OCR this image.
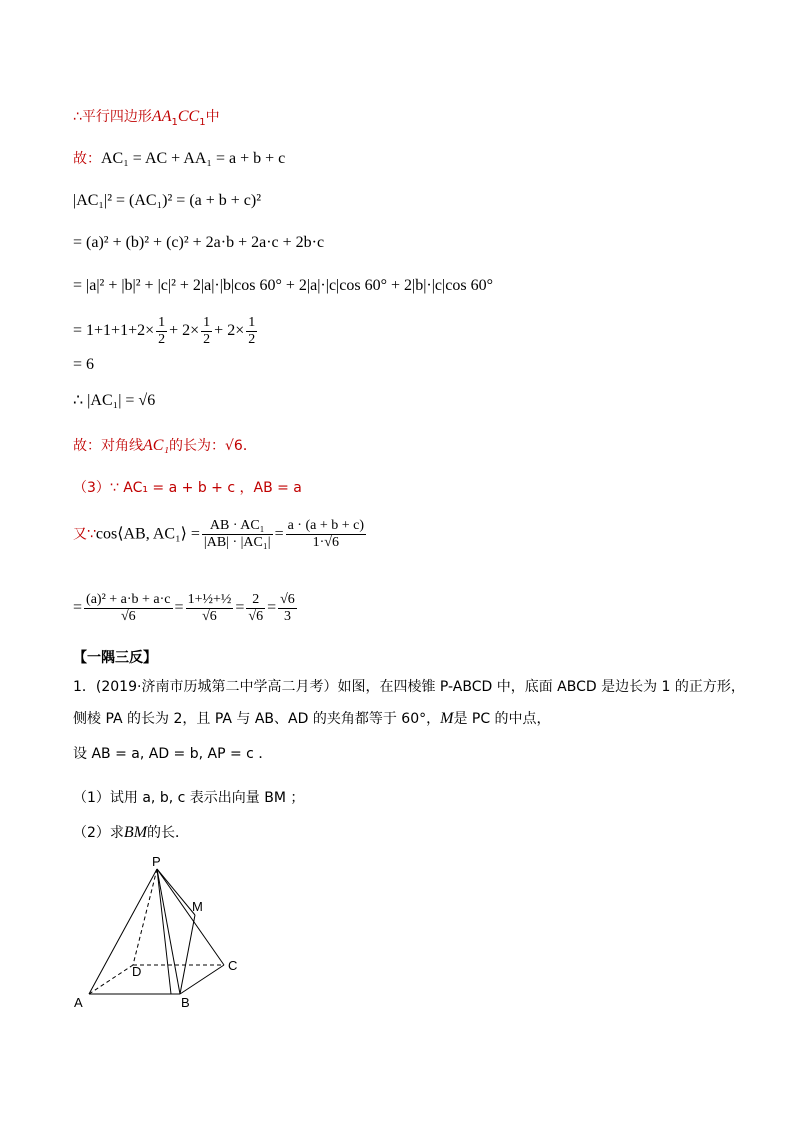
∴平行四边形$AA_1CC_1$中
故：AC₁ = AC + AA₁ = a + b + c
|AC₁|² = (AC₁)² = (a + b + c)²
= (a)² + (b)² + (c)² + 2a·b + 2a·c + 2b·c
= |a|² + |b|² + |c|² + 2|a|·|b|cos 60° + 2|a|·|c|cos 60° + 2|b|·|c|cos 60°
= $1+1+1+2\times \frac{1}{2} + 2\times \frac{1}{2} + 2\times \frac{1}{2}$
= 6
∴ |AC₁| = √6
故：对角线AC₁的长为：√6．
（3）∵ AC₁ = a + b + c ，AB = a
又∵cos⟨AB, AC₁⟩ = $\frac{\text{AB · AC₁}}{\text{|AB| · |AC₁|}} = \frac{a \cdot (a + b + c)}{1\cdot√6}$
= $\frac{\text{(a)² + a·b + a·c}}{√6} = \frac{\text{1+½+½}}{√6} = \frac{2}{√6} = \frac{√6}{3}$
【一隅三反】
1．(2019·济南市历城第二中学高二月考）如图，在四棱锥 P-ABCD 中，底面 ABCD 是边长为 1 的正方形，
侧棱 PA 的长为 2，且 PA 与 AB、AD 的夹角都等于 60°，M是 PC 的中点，
设 AB = a, AD = b, AP = c ．
（1）试用 a, b, c 表示出向量 BM ；
（2）求BM的长．
P
M
D	C
A	B
